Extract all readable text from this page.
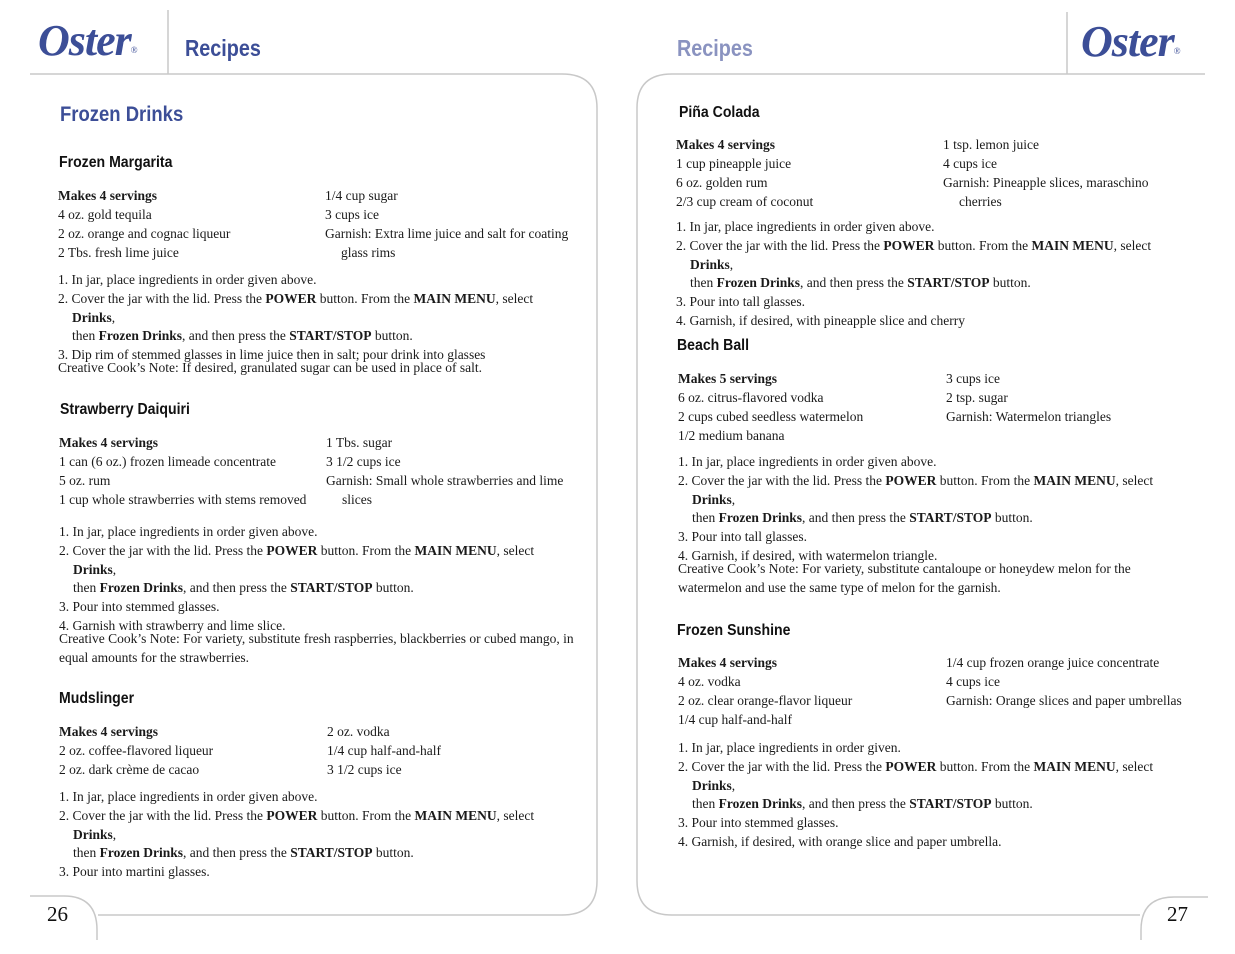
Oster® Recipes
Frozen Drinks
Frozen Margarita
Makes 4 servings
4 oz. gold tequila
2 oz. orange and cognac liqueur
2 Tbs. fresh lime juice
1/4 cup sugar
3 cups ice
Garnish: Extra lime juice and salt for coating
glass rims
1. In jar, place ingredients in order given above.
2. Cover the jar with the lid. Press the POWER button. From the MAIN MENU, select Drinks,
then Frozen Drinks, and then press the START/STOP button.
3. Dip rim of stemmed glasses in lime juice then in salt; pour drink into glasses
Creative Cook’s Note: If desired, granulated sugar can be used in place of salt.
Strawberry Daiquiri
Makes 4 servings
1 can (6 oz.) frozen limeade concentrate
5 oz. rum
1 cup whole strawberries with stems removed
1 Tbs. sugar
3 1/2 cups ice
Garnish: Small whole strawberries and lime
slices
1. In jar, place ingredients in order given above.
2. Cover the jar with the lid. Press the POWER button. From the MAIN MENU, select Drinks,
then Frozen Drinks, and then press the START/STOP button.
3. Pour into stemmed glasses.
4. Garnish with strawberry and lime slice.
Creative Cook’s Note: For variety, substitute fresh raspberries, blackberries or cubed mango, in equal amounts for the strawberries.
Mudslinger
Makes 4 servings
2 oz. coffee-flavored liqueur
2 oz. dark crème de cacao
2 oz. vodka
1/4 cup half-and-half
3 1/2 cups ice
1. In jar, place ingredients in order given above.
2. Cover the jar with the lid. Press the POWER button. From the MAIN MENU, select Drinks,
then Frozen Drinks, and then press the START/STOP button.
3. Pour into martini glasses.
26
Recipes	Oster®
Piña Colada
Makes 4 servings
1 cup pineapple juice
6 oz. golden rum
2/3 cup cream of coconut
1 tsp. lemon juice
4 cups ice
Garnish: Pineapple slices, maraschino
cherries
1. In jar, place ingredients in order given above.
2. Cover the jar with the lid. Press the POWER button. From the MAIN MENU, select Drinks,
then Frozen Drinks, and then press the START/STOP button.
3. Pour into tall glasses.
4. Garnish, if desired, with pineapple slice and cherry
Beach Ball
Makes 5 servings
6 oz. citrus-flavored vodka
2 cups cubed seedless watermelon
1/2 medium banana
3 cups ice
2 tsp. sugar
Garnish: Watermelon triangles
1. In jar, place ingredients in order given above.
2. Cover the jar with the lid. Press the POWER button. From the MAIN MENU, select Drinks,
then Frozen Drinks, and then press the START/STOP button.
3. Pour into tall glasses.
4. Garnish, if desired, with watermelon triangle.
Creative Cook’s Note: For variety, substitute cantaloupe or honeydew melon for the watermelon and use the same type of melon for the garnish.
Frozen Sunshine
Makes 4 servings
4 oz. vodka
2 oz. clear orange-flavor liqueur
1/4 cup half-and-half
1/4 cup frozen orange juice concentrate
4 cups ice
Garnish: Orange slices and paper umbrellas
1. In jar, place ingredients in order given.
2. Cover the jar with the lid. Press the POWER button. From the MAIN MENU, select Drinks,
then Frozen Drinks, and then press the START/STOP button.
3. Pour into stemmed glasses.
4. Garnish, if desired, with orange slice and paper umbrella.
27
